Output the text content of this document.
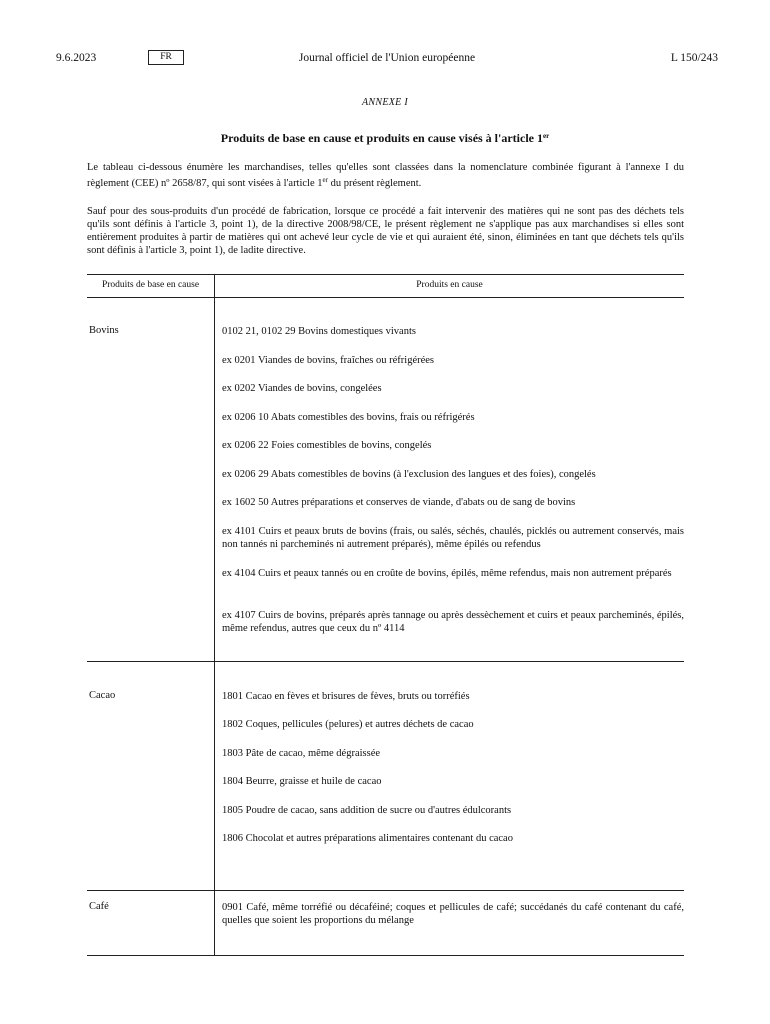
Journal officiel de l'Union européenne
9.6.2023	FR	L 150/243
ANNEXE I
Produits de base en cause et produits en cause visés à l'article 1er

Le tableau ci-dessous énumère les marchandises, telles qu'elles sont classées dans la nomenclature combinée figurant à l'annexe I du règlement (CEE) nº 2658/87, qui sont visées à l'article 1er du présent règlement.

Sauf pour des sous-produits d'un procédé de fabrication, lorsque ce procédé a fait intervenir des matières qui ne sont pas des déchets tels qu'ils sont définis à l'article 3, point 1), de la directive 2008/98/CE, le présent règlement ne s'applique pas aux marchandises si elles sont entièrement produites à partir de matières qui ont achevé leur cycle de vie et qui auraient été, sinon, éliminées en tant que déchets tels qu'ils sont définis à l'article 3, point 1), de ladite directive.

Produits de base en cause	Produits en cause
Bovins	0102 21, 0102 29 Bovins domestiques vivants
ex 0201 Viandes de bovins, fraîches ou réfrigérées
ex 0202 Viandes de bovins, congelées
ex 0206 10 Abats comestibles des bovins, frais ou réfrigérés
ex 0206 22 Foies comestibles de bovins, congelés
ex 0206 29 Abats comestibles de bovins (à l'exclusion des langues et des foies), congelés
ex 1602 50 Autres préparations et conserves de viande, d'abats ou de sang de bovins
ex 4101 Cuirs et peaux bruts de bovins (frais, ou salés, séchés, chaulés, picklés ou autrement conservés, mais non tannés ni parcheminés ni autrement préparés), même épilés ou refendus
ex 4104 Cuirs et peaux tannés ou en croûte de bovins, épilés, même refendus, mais non autrement préparés
ex 4107 Cuirs de bovins, préparés après tannage ou après dessèchement et cuirs et peaux parcheminés, épilés, même refendus, autres que ceux du nº 4114
Cacao	1801 Cacao en fèves et brisures de fèves, bruts ou torréfiés
1802 Coques, pellicules (pelures) et autres déchets de cacao
1803 Pâte de cacao, même dégraissée
1804 Beurre, graisse et huile de cacao
1805 Poudre de cacao, sans addition de sucre ou d'autres édulcorants
1806 Chocolat et autres préparations alimentaires contenant du cacao
Café	0901 Café, même torréfié ou décaféiné; coques et pellicules de café; succédanés du café contenant du café, quelles que soient les proportions du mélange
